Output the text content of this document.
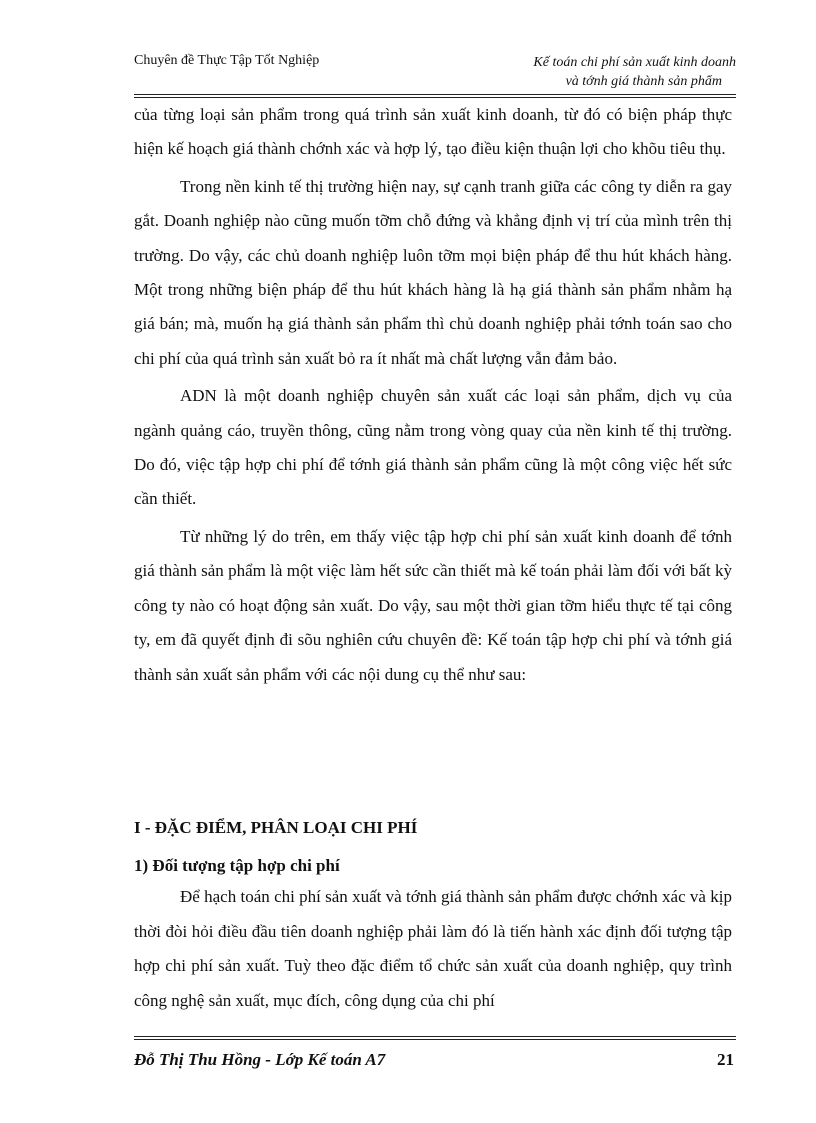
Chuyên đề Thực Tập Tốt Nghiệp	Kế toán chi phí sản xuất kinh doanh

và tớnh giá thành sản phẩm

của từng loại sản phẩm trong quá trình sản xuất kinh doanh, từ đó có biện pháp thực hiện kế hoạch giá thành chớnh xác và hợp lý, tạo điều kiện thuận lợi cho khõu tiêu thụ.

Trong nền kinh tế thị trường hiện nay, sự cạnh tranh giữa các công ty diễn ra gay gắt. Doanh nghiệp nào cũng muốn tỡm chỗ đứng và khẳng định vị trí của mình trên thị trường. Do vậy, các chủ doanh nghiệp luôn tỡm mọi biện pháp để thu hút khách hàng. Một trong những biện pháp để thu hút khách hàng là hạ giá thành sản phẩm nhằm hạ giá bán; mà, muốn hạ giá thành sản phẩm thì chủ doanh nghiệp phải tớnh toán sao cho chi phí của quá trình sản xuất bỏ ra ít nhất mà chất lượng vẫn đảm bảo.

ADN là một doanh nghiệp chuyên sản xuất các loại sản phẩm, dịch vụ của ngành quảng cáo, truyền thông, cũng nằm trong vòng quay của nền kinh tế thị trường. Do đó, việc tập hợp chi phí để tớnh giá thành sản phẩm cũng là một công việc hết sức cần thiết.

Từ những lý do trên, em thấy việc tập hợp chi phí sản xuất kinh doanh để tớnh giá thành sản phẩm là một việc làm hết sức cần thiết mà kế toán phải làm đối với bất kỳ công ty nào có hoạt động sản xuất. Do vậy, sau một thời gian tỡm hiểu thực tế tại công ty, em đã quyết định đi sõu nghiên cứu chuyên đề: Kế toán tập hợp chi phí và tớnh giá thành sản xuất sản phẩm với các nội dung cụ thể như sau:

I - ĐẶC ĐIỂM, PHÂN LOẠI CHI PHÍ
1) Đối tượng tập hợp chi phí

Để hạch toán chi phí sản xuất và tớnh giá thành sản phẩm được chớnh xác và kịp thời đòi hỏi điều đầu tiên doanh nghiệp phải làm đó là tiến hành xác định đối tượng tập hợp chi phí sản xuất. Tuỳ theo đặc điểm tổ chức sản xuất của doanh nghiệp, quy trình công nghệ sản xuất, mục đích, công dụng của chi phí

Đỗ Thị Thu Hồng - Lớp Kế toán A7	21
